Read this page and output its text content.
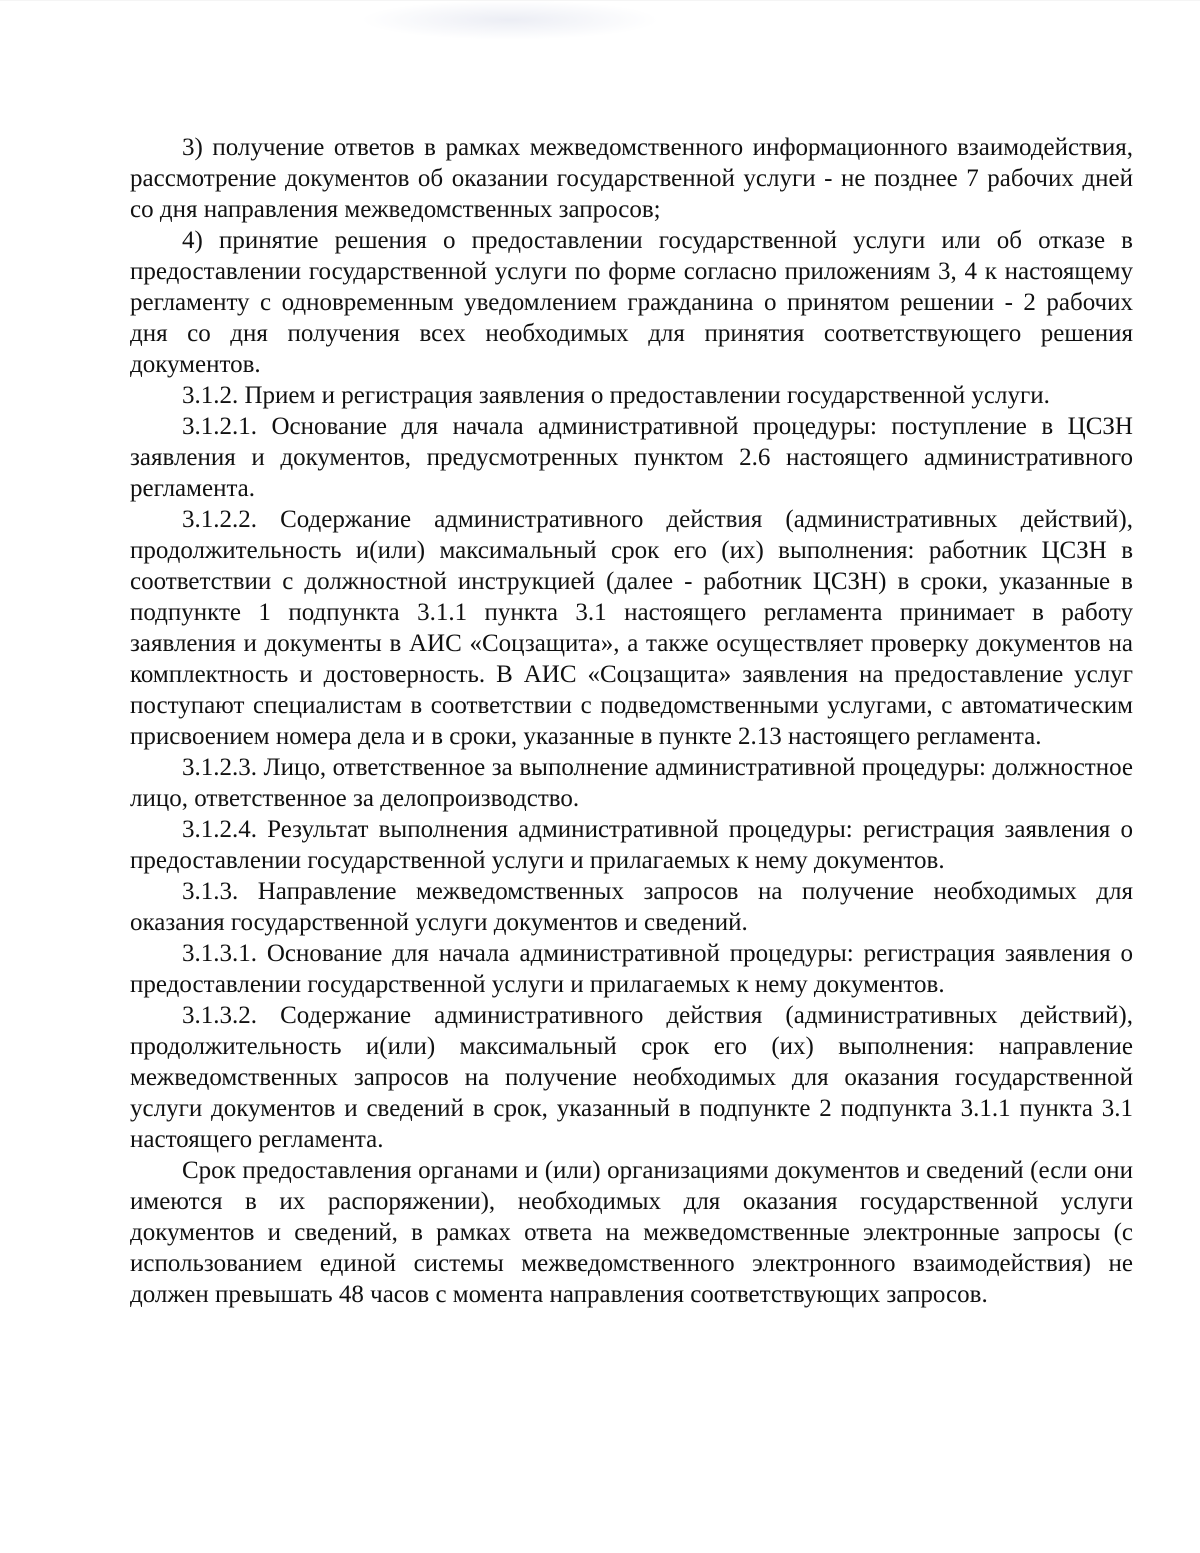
3) получение ответов в рамках межведомственного информационного взаимодействия, рассмотрение документов об оказании государственной услуги - не позднее 7 рабочих дней со дня направления межведомственных запросов;

4) принятие решения о предоставлении государственной услуги или об отказе в предоставлении государственной услуги по форме согласно приложениям 3, 4 к настоящему регламенту с одновременным уведомлением гражданина о принятом решении - 2 рабочих дня со дня получения всех необходимых для принятия соответствующего решения документов.

3.1.2. Прием и регистрация заявления о предоставлении государственной услуги.

3.1.2.1. Основание для начала административной процедуры: поступление в ЦСЗН заявления и документов, предусмотренных пунктом 2.6 настоящего административного регламента.

3.1.2.2. Содержание административного действия (административных действий), продолжительность и(или) максимальный срок его (их) выполнения: работник ЦСЗН в соответствии с должностной инструкцией (далее - работник ЦСЗН) в сроки, указанные в подпункте 1 подпункта 3.1.1 пункта 3.1 настоящего регламента принимает в работу заявления и документы в АИС «Соцзащита», а также осуществляет проверку документов на комплектность и достоверность. В АИС «Соцзащита» заявления на предоставление услуг поступают специалистам в соответствии с подведомственными услугами, с автоматическим присвоением номера дела и в сроки, указанные в пункте 2.13 настоящего регламента.

3.1.2.3. Лицо, ответственное за выполнение административной процедуры: должностное лицо, ответственное за делопроизводство.

3.1.2.4. Результат выполнения административной процедуры: регистрация заявления о предоставлении государственной услуги и прилагаемых к нему документов.

3.1.3. Направление межведомственных запросов на получение необходимых для оказания государственной услуги документов и сведений.

3.1.3.1. Основание для начала административной процедуры: регистрация заявления о предоставлении государственной услуги и прилагаемых к нему документов.

3.1.3.2. Содержание административного действия (административных действий), продолжительность и(или) максимальный срок его (их) выполнения: направление межведомственных запросов на получение необходимых для оказания государственной услуги документов и сведений в срок, указанный в подпункте 2 подпункта 3.1.1 пункта 3.1 настоящего регламента.

Срок предоставления органами и (или) организациями документов и сведений (если они имеются в их распоряжении), необходимых для оказания государственной услуги документов и сведений, в рамках ответа на межведомственные электронные запросы (с использованием единой системы межведомственного электронного взаимодействия) не должен превышать 48 часов с момента направления соответствующих запросов.
